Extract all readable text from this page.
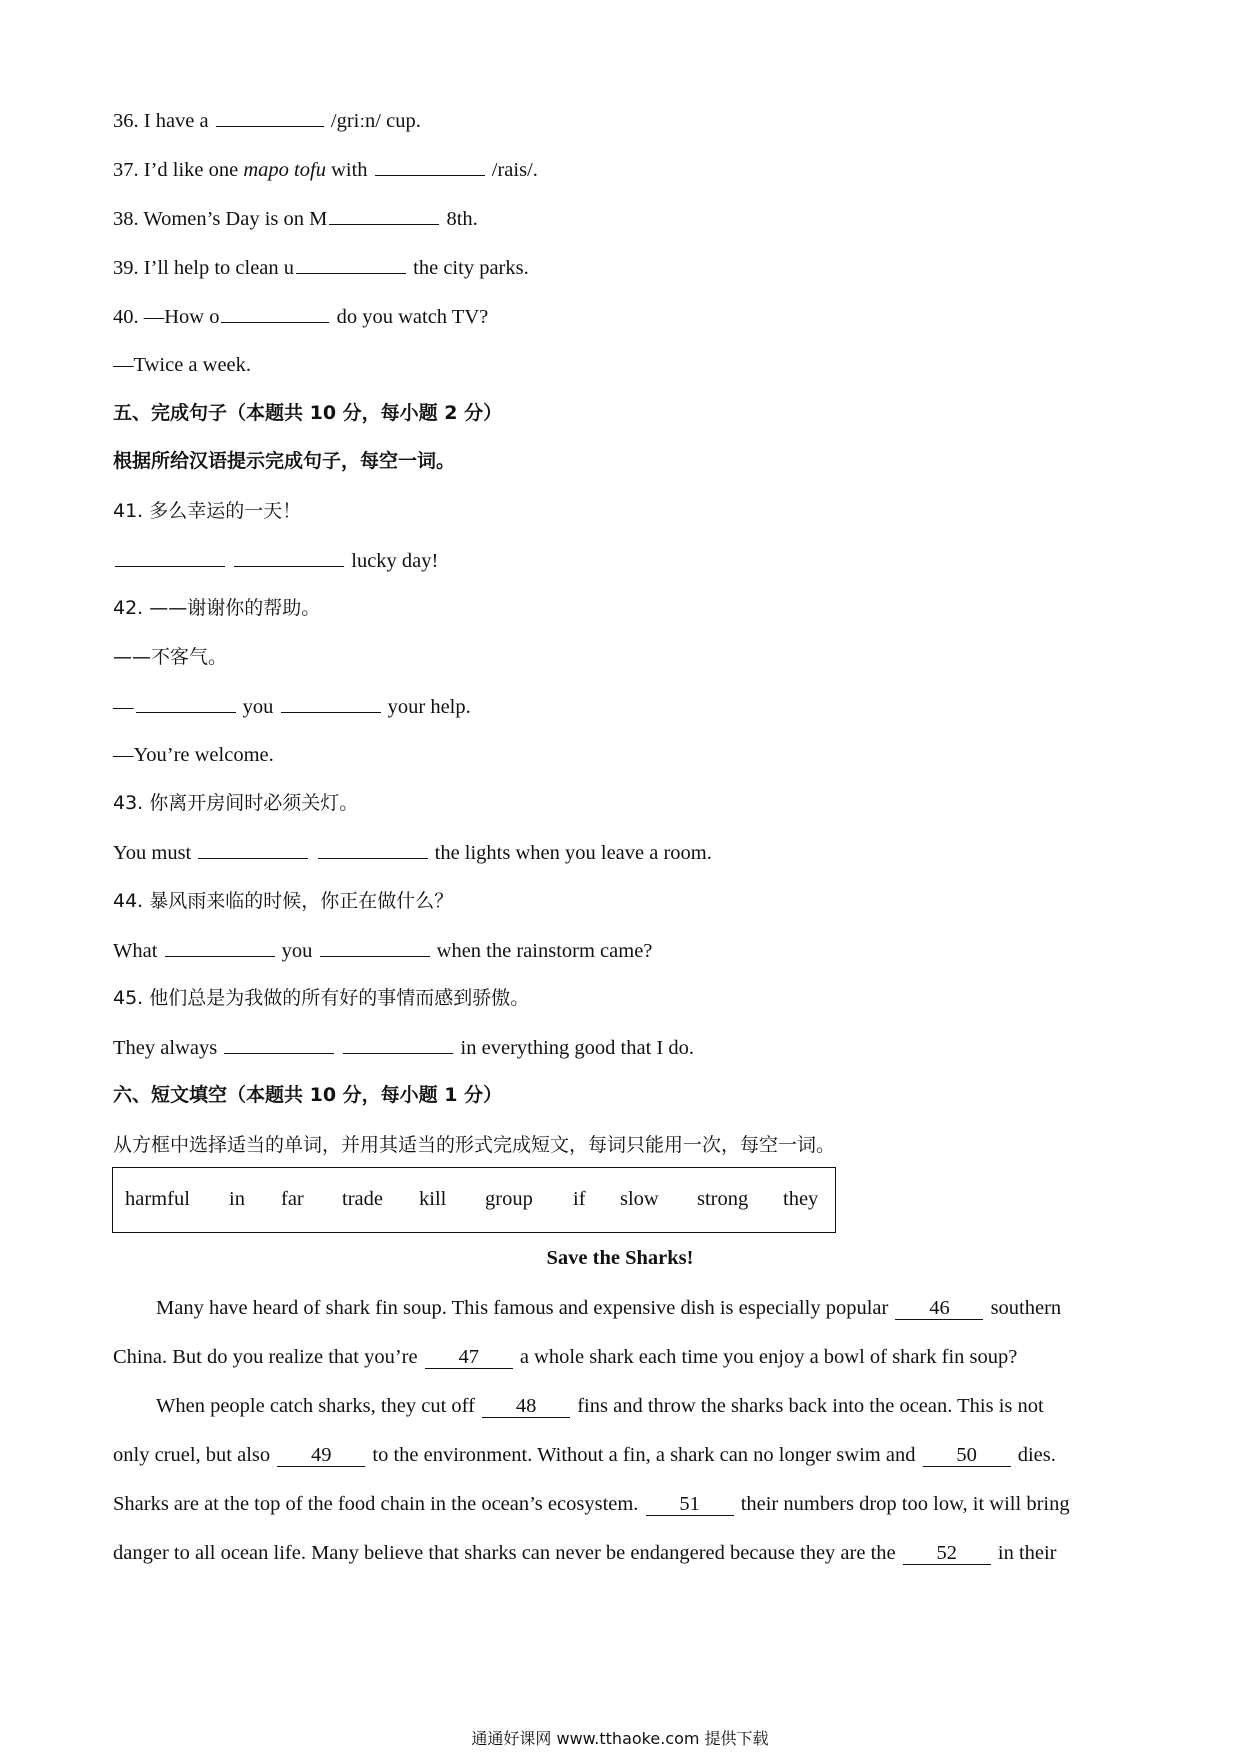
36. I have a	/griːn/ cup.
37. I’d like one mapo tofu with	/rais/.
38. Women’s Day is on M	8th.
39. I’ll help to clean u	the city parks.
40. —How o	do you watch TV?
—Twice a week.
五、完成句子（本题共 10 分，每小题 2 分）
根据所给汉语提示完成句子，每空一词。
41. 多么幸运的一天！
lucky day!
42. ——谢谢你的帮助。
——不客气。
—	you	your help.
—You’re welcome.
43. 你离开房间时必须关灯。
You must	the lights when you leave a room.
44. 暴风雨来临的时候，你正在做什么？
What	you	when the rainstorm came?
45. 他们总是为我做的所有好的事情而感到骄傲。
They always	in everything good that I do.
六、短文填空（本题共 10 分，每小题 1 分）
从方框中选择适当的单词，并用其适当的形式完成短文，每词只能用一次，每空一词。
harmful in far trade kill group if slow strong they
Save the Sharks!
Many have heard of shark fin soup. This famous and expensive dish is especially popular 46 southern
China. But do you realize that you’re 47 a whole shark each time you enjoy a bowl of shark fin soup?
When people catch sharks, they cut off 48 fins and throw the sharks back into the ocean. This is not
only cruel, but also 49 to the environment. Without a fin, a shark can no longer swim and 50 dies.
Sharks are at the top of the food chain in the ocean’s ecosystem. 51 their numbers drop too low, it will bring
danger to all ocean life. Many believe that sharks can never be endangered because they are the 52 in their
通通好课网 www.tthaoke.com 提供下载
